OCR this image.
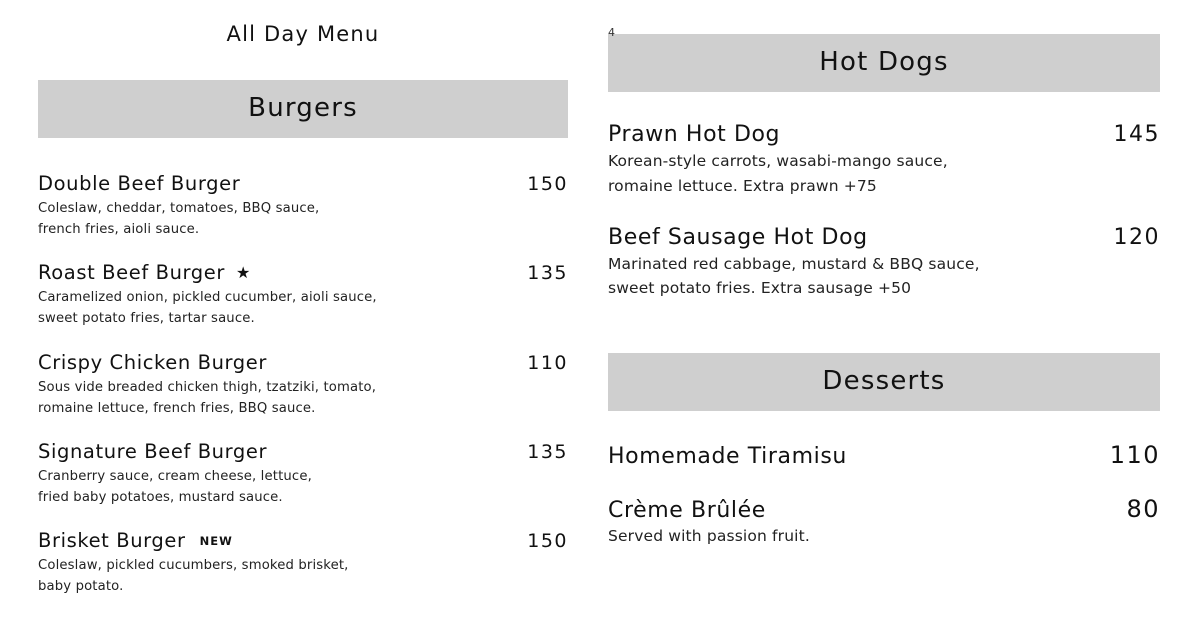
All Day Menu
Burgers
Double Beef Burger	150
Coleslaw, cheddar, tomatoes, BBQ sauce,
french fries, aioli sauce.
Roast Beef Burger ★	135
Caramelized onion, pickled cucumber, aioli sauce,
sweet potato fries, tartar sauce.
Crispy Chicken Burger	110
Sous vide breaded chicken thigh, tzatziki, tomato,
romaine lettuce, french fries, BBQ sauce.
Signature Beef Burger	135
Cranberry sauce, cream cheese, lettuce,
fried baby potatoes, mustard sauce.
Brisket Burger NEW	150
Coleslaw, pickled cucumbers, smoked brisket,
baby potato.
4
Hot Dogs
Prawn Hot Dog	145
Korean-style carrots, wasabi-mango sauce,
romaine lettuce. Extra prawn +75
Beef Sausage Hot Dog	120
Marinated red cabbage, mustard & BBQ sauce,
sweet potato fries. Extra sausage +50
Desserts
Homemade Tiramisu	110
Crème Brûlée	80
Served with passion fruit.
